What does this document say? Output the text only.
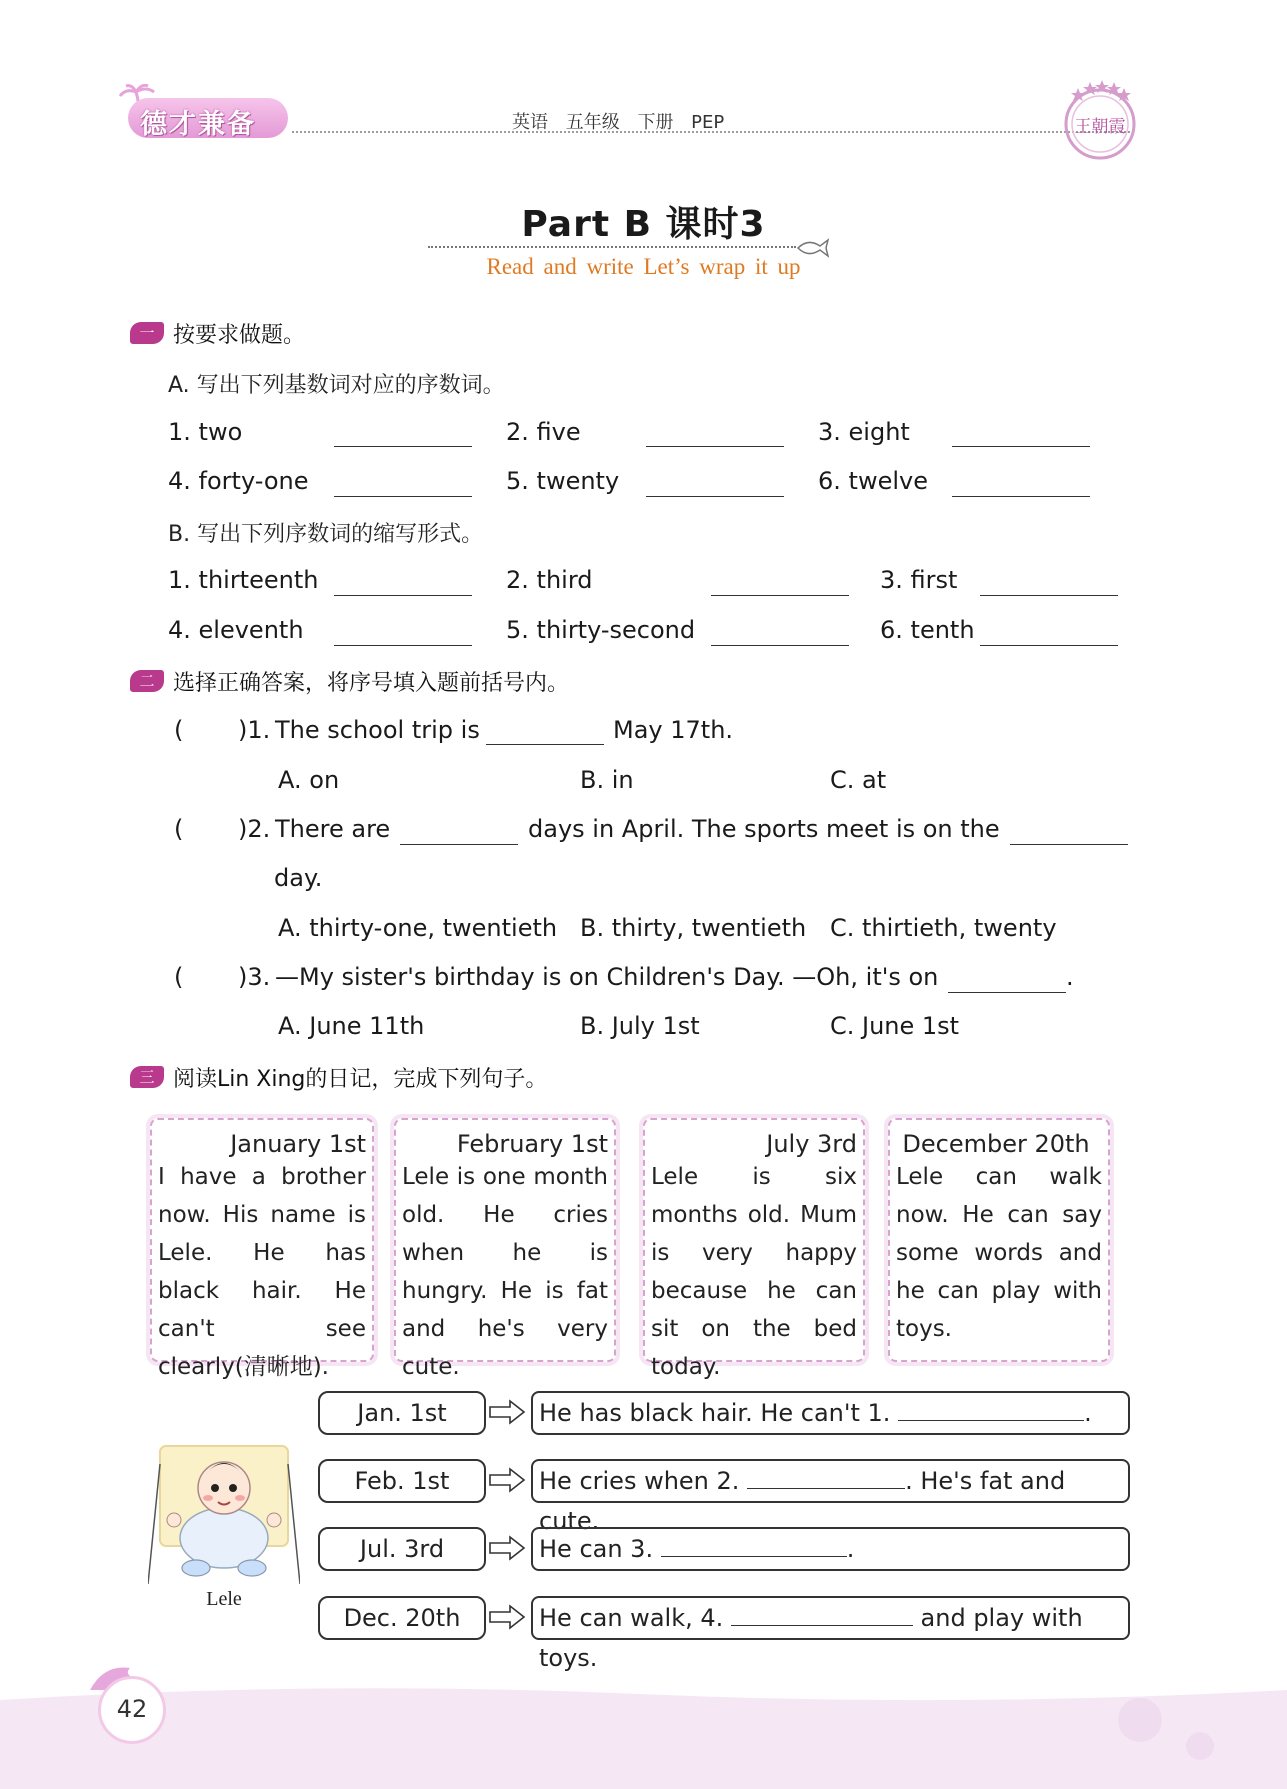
德才兼备	英语 五年级 下册 PEP	王朝霞
Part B 课时3
Read and write Let’s wrap it up
一 按要求做题。
A. 写出下列基数词对应的序数词。
1. two	2. five	3. eight
4. forty-one	5. twenty	6. twelve
B. 写出下列序数词的缩写形式。
1. thirteenth	2. third	3. first
4. eleventh	5. thirty-second	6. tenth
二 选择正确答案，将序号填入题前括号内。
( )1. The school trip is	May 17th.
A. on	B. in	C. at
( )2. There are	days in April. The sports meet is on the
day.
A. thirty-one, twentieth B. thirty, twentieth C. thirtieth, twenty
( )3. —My sister's birthday is on Children's Day. —Oh, it's on	.
A. June 11th	B. July 1st	C. June 1st
三 阅读Lin Xing的日记，完成下列句子。
January 1st
I have a brother now. His name is Lele. He has black hair. He can't see clearly(清晰地).
February 1st
Lele is one month old. He cries when he is hungry. He is fat and he's very cute.
July 3rd
Lele is six months old. Mum is very happy because he can sit on the bed today.
December 20th
Lele can walk now. He can say some words and he can play with toys.
Lele
Jan. 1st	He has black hair. He can't 1.	.
Feb. 1st	He cries when 2.	. He's fat and cute.
Jul. 3rd	He can 3.	.
Dec. 20th	He can walk, 4.	and play with toys.
42
